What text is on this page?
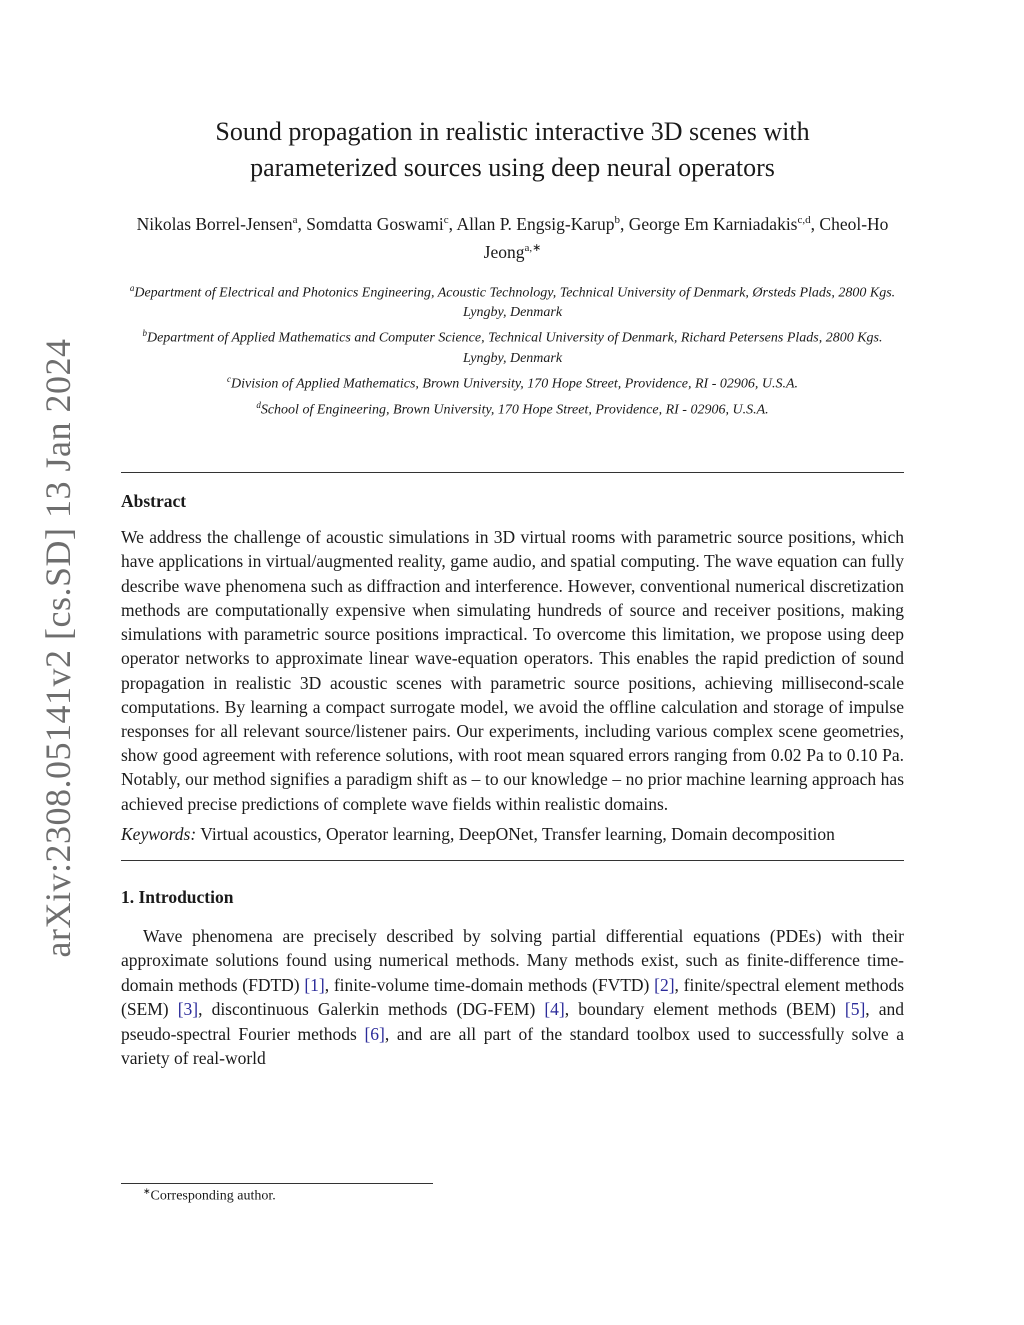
arXiv:2308.05141v2 [cs.SD] 13 Jan 2024
Sound propagation in realistic interactive 3D scenes with
parameterized sources using deep neural operators
Nikolas Borrel-Jensen$^a$, Somdatta Goswami$^c$, Allan P. Engsig-Karup$^b$, George Em Karniadakis$^{c,d}$, Cheol-Ho Jeong$^{a,∗}$
$^a$Department of Electrical and Photonics Engineering, Acoustic Technology, Technical University of Denmark, Ørsteds Plads, 2800 Kgs. Lyngby, Denmark
$^b$Department of Applied Mathematics and Computer Science, Technical University of Denmark, Richard Petersens Plads, 2800 Kgs. Lyngby, Denmark
$^c$Division of Applied Mathematics, Brown University, 170 Hope Street, Providence, RI - 02906, U.S.A.
$^d$School of Engineering, Brown University, 170 Hope Street, Providence, RI - 02906, U.S.A.
Abstract
We address the challenge of acoustic simulations in 3D virtual rooms with parametric source positions, which have applications in virtual/augmented reality, game audio, and spatial computing. The wave equation can fully describe wave phenomena such as diffraction and interference. However, conventional numerical discretization methods are computationally expensive when simulating hundreds of source and receiver positions, making simulations with parametric source positions impractical. To overcome this limitation, we propose using deep operator networks to approximate linear wave-equation operators. This enables the rapid prediction of sound propagation in realistic 3D acoustic scenes with parametric source positions, achieving millisecond-scale computations. By learning a compact surrogate model, we avoid the offline calculation and storage of impulse responses for all relevant source/listener pairs. Our experiments, including various complex scene geometries, show good agreement with reference solutions, with root mean squared errors ranging from 0.02 Pa to 0.10 Pa. Notably, our method signifies a paradigm shift as – to our knowledge – no prior machine learning approach has achieved precise predictions of complete wave fields within realistic domains.
Keywords: Virtual acoustics, Operator learning, DeepONet, Transfer learning, Domain decomposition
1. Introduction
Wave phenomena are precisely described by solving partial differential equations (PDEs) with their approximate solutions found using numerical methods. Many methods exist, such as finite-difference time-domain methods (FDTD) [1], finite-volume time-domain methods (FVTD) [2], finite/spectral element methods (SEM) [3], discontinuous Galerkin methods (DG-FEM) [4], boundary element methods (BEM) [5], and pseudo-spectral Fourier methods [6], and are all part of the standard toolbox used to successfully solve a variety of real-world
∗Corresponding author.
